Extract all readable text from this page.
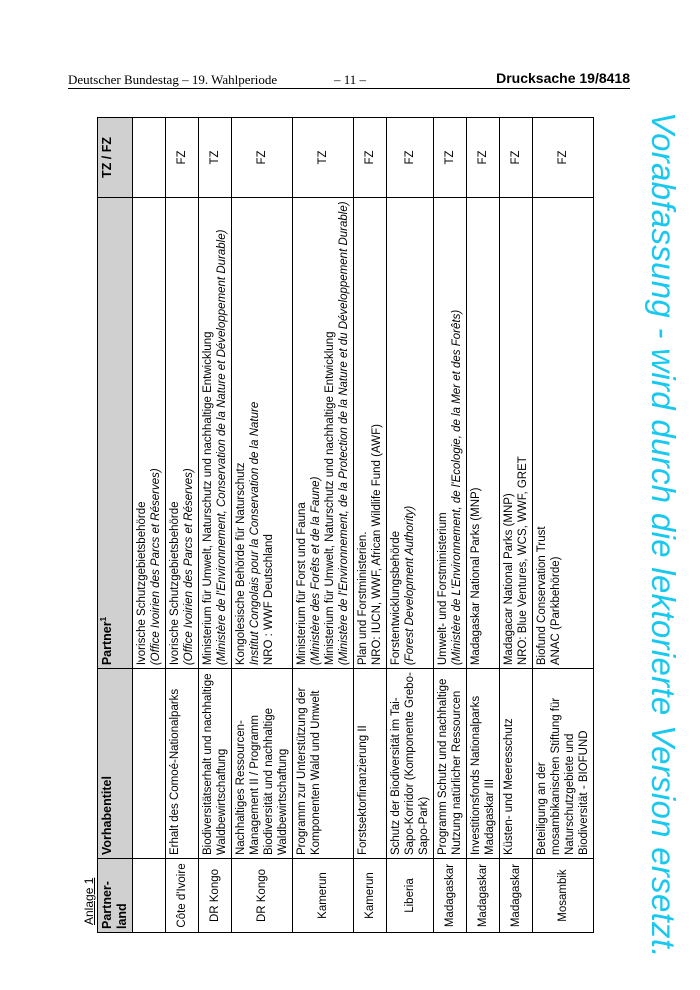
Deutscher Bundestag – 19. Wahlperiode	– 11 –	Drucksache 19/8418
Vorabfassung - wird durch die lektorierte Version ersetzt.
Anlage 1 Partner-land	Vorhabentitel	Partner$^1$	TZ / FZ

		Ivorische Schutzgebietsbehörde (Office Ivoirien des Parcs et Réserves)	

Côte d'Ivoire	Erhalt des Comoé-Nationalparks	Ivorische Schutzgebietsbehörde (Office Ivoirien des Parcs et Réserves)	FZ
DR Kongo	Biodiversitätserhalt und nachhaltige Waldbewirtschaftung	Ministerium für Umwelt, Naturschutz und nachhaltige Entwicklung (Ministère de l'Environnement, Conservation de la Nature et Développement Durable)	TZ
DR Kongo	Nachhaltiges Ressourcen-Management II / Programm Biodiversität und nachhaltige Waldbewirtschaftung	Kongolesische Behörde für Naturschutz Institut Congolais pour la Conservation de la Nature NRO : WWF Deutschland	FZ
Kamerun	Programm zur Unterstützung der Komponenten Wald und Umwelt	Ministerium für Forst und Fauna (Ministère des Forêts et de la Faune) Ministerium für Umwelt, Naturschutz und nachhaltige Entwicklung (Ministère de l'Environnement, de la Protection de la Nature et du Développement Durable)	TZ
Kamerun	Forstsektorfinanzierung II	Plan und Forstministerien. NRO: IUCN, WWF, African Wildlife Fund (AWF)	FZ
Liberia	Schutz der Biodiversität im Tai-Sapo-Korridor (Komponente Grebo-Sapo-Park)	Forstentwicklungsbehörde (Forest Development Authority)	FZ
Madagaskar	Programm Schutz und nachhaltige Nutzung natürlicher Ressourcen	Umwelt- und Forstministerium (Ministère de L'Environnement, de l'Ecologie, de la Mer et des Forêts)	TZ
Madagaskar	Investitionsfonds Nationalparks Madagaskar III	Madagaskar National Parks (MNP)	FZ
Madagaskar	Küsten- und Meeresschutz	Madagacar National Parks (MNP) NRO: Blue Ventures, WCS, WWF, GRET	FZ
Mosambik	Beteiligung an der mosambikanischen Stiftung für Naturschutzgebiete und Biodiversität - BIOFUND	Biofund Conservation Trust ANAC (Parkbehörde)	FZ
